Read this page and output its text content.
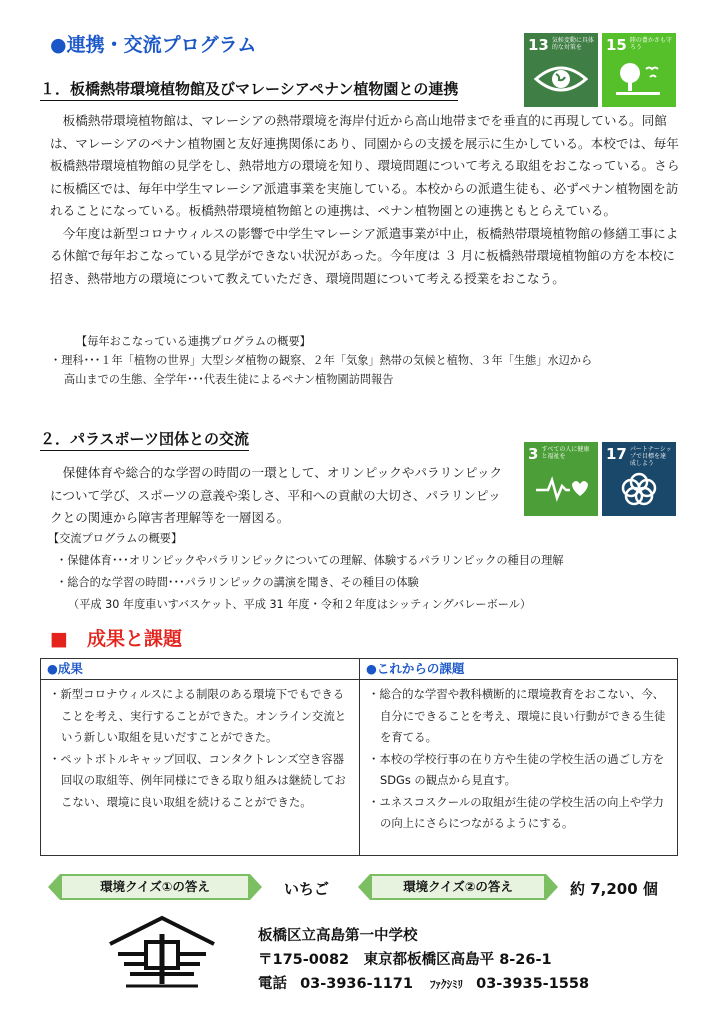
●連携・交流プログラム
１．板橋熱帯環境植物館及びマレーシアペナン植物園との連携
13 気候変動に具体的な対策を	15 陸の豊かさも守ろう

板橋熱帯環境植物館は、マレーシアの熱帯環境を海岸付近から高山地帯までを垂直的に再現している。同館は、マレーシアのペナン植物園と友好連携関係にあり、同園からの支援を展示に生かしている。本校では、毎年板橋熱帯環境植物館の見学をし、熱帯地方の環境を知り、環境問題について考える取組をおこなっている。さらに板橋区では、毎年中学生マレーシア派遣事業を実施している。本校からの派遣生徒も、必ずペナン植物園を訪れることになっている。板橋熱帯環境植物館との連携は、ペナン植物園との連携ともとらえている。

今年度は新型コロナウィルスの影響で中学生マレーシア派遣事業が中止，板橋熱帯環境植物館の修繕工事による休館で毎年おこなっている見学ができない状況があった。今年度は ３ 月に板橋熱帯環境植物館の方を本校に招き、熱帯地方の環境について教えていただき、環境問題について考える授業をおこなう。

【毎年おこなっている連携プログラムの概要】
・理科･･･１年「植物の世界」大型シダ植物の観察、２年「気象」熱帯の気候と植物、３年「生態」水辺から
高山までの生態、全学年･･･代表生徒によるペナン植物園訪問報告
２．パラスポーツ団体との交流
3 すべての人に健康と福祉を	17 パートナーシップで目標を達成しよう

保健体育や総合的な学習の時間の一環として、オリンピックやパラリンピックについて学び、スポーツの意義や楽しさ、平和への貢献の大切さ、パラリンピックとの関連から障害者理解等を一層図る。

【交流プログラムの概要】
・保健体育･･･オリンピックやパラリンピックについての理解、体験するパラリンピックの種目の理解
・総合的な学習の時間･･･パラリンピックの講演を聞き、その種目の体験
（平成 30 年度車いすバスケット、平成 31 年度・令和２年度はシッティングバレーボール）
■　成果と課題
●成果
・新型コロナウィルスによる制限のある環境下でもできることを考え、実行することができた。オンライン交流という新しい取組を見いだすことができた。
・ペットボトルキャップ回収、コンタクトレンズ空き容器回収の取組等、例年同様にできる取り組みは継続しておこない、環境に良い取組を続けることができた。
●これからの課題
・総合的な学習や教科横断的に環境教育をおこない、今、自分にできることを考え、環境に良い行動ができる生徒を育てる。
・本校の学校行事の在り方や生徒の学校生活の過ごし方を SDGs の観点から見直す。
・ユネスコスクールの取組が生徒の学校生活の向上や学力の向上にさらにつながるようにする。
環境クイズ①の答え	いちご	環境クイズ②の答え	約 7,200 個
板橋区立高島第一中学校
〒175-0082　東京都板橋区高島平 8-26-1
電話 03-3936-1171 ﾌｧｸｼﾐﾘ 03-3935-1558
